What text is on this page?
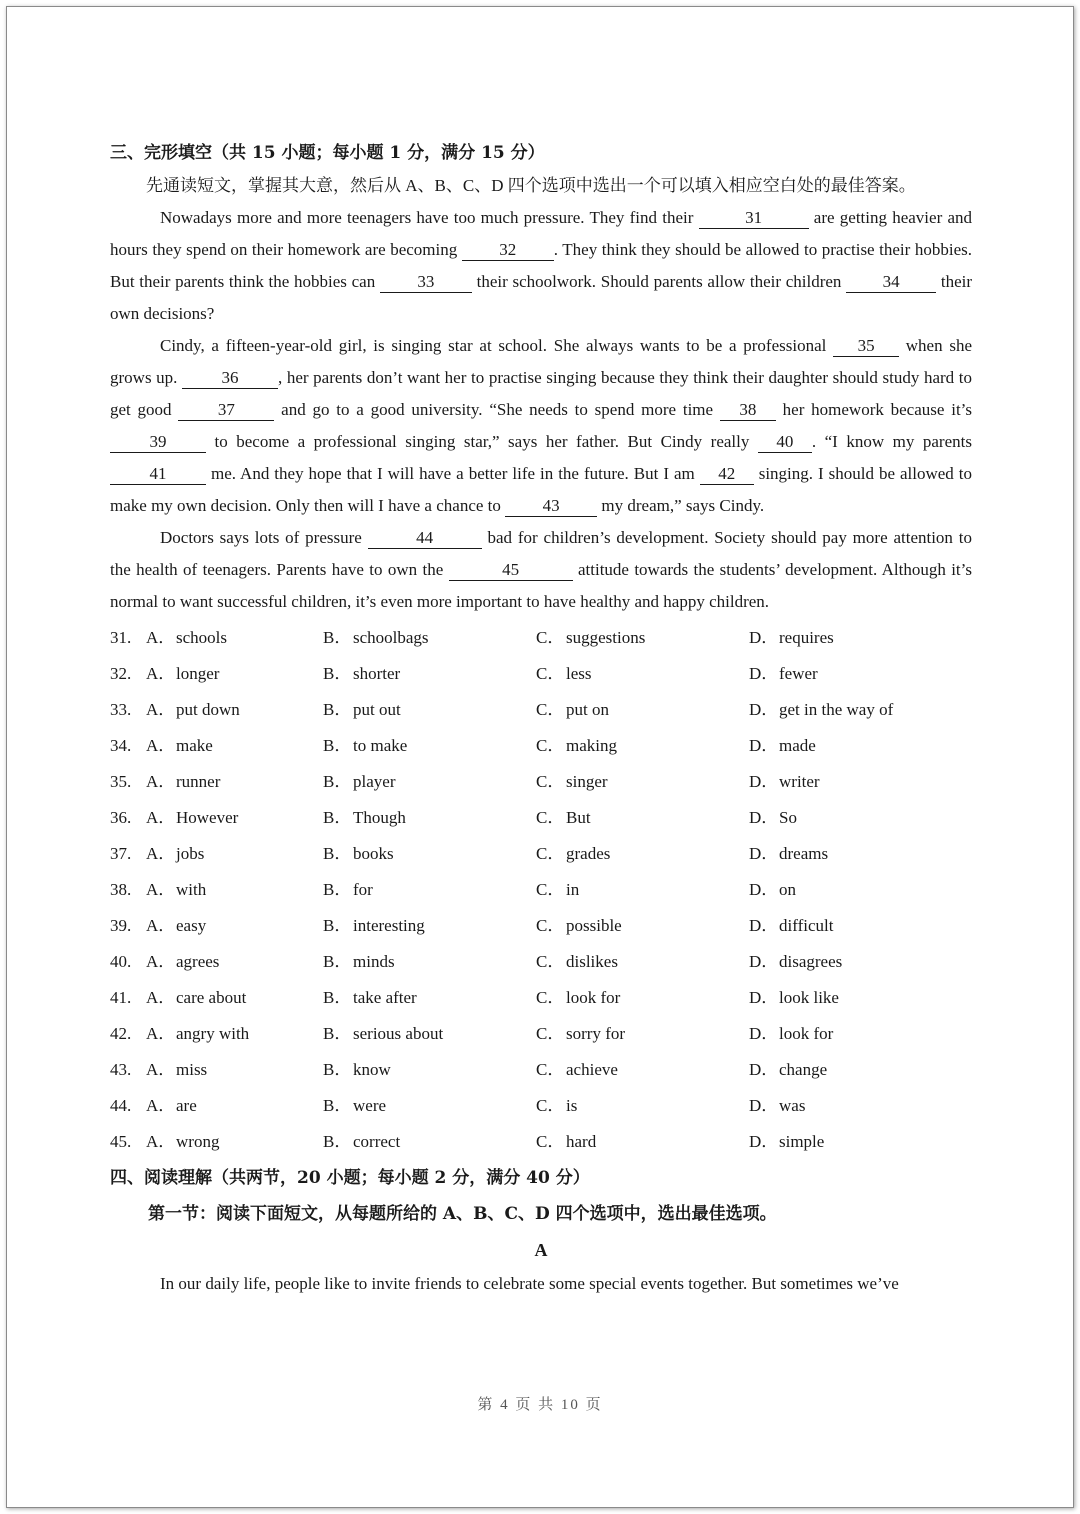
三、完形填空（共 15 小题；每小题 1 分，满分 15 分）

先通读短文，掌握其大意，然后从 A、B、C、D 四个选项中选出一个可以填入相应空白处的最佳答案。

Nowadays more and more teenagers have too much pressure. They find their	31	are getting heavier and hours they spend on their homework are becoming 32 . They think they should be allowed to practise their hobbies. But their parents think the hobbies can 33 their schoolwork. Should parents allow their children 34 their own decisions?

Cindy, a fifteen-year-old girl, is singing star at school. She always wants to be a professional 35 when she grows up. 36 , her parents don’t want her to practise singing because they think their daughter should study hard to get good 37 and go to a good university. “She needs to spend more time 38 her homework because it’s 39 to become a professional singing star,” says her father. But Cindy really 40 . “I know my parents 41 me. And they hope that I will have a better life in the future. But I am 42 singing. I should be allowed to make my own decision. Only then will I have a chance to 43 my dream,” says Cindy.

Doctors says lots of pressure	44	bad for children’s development. Society should pay more attention to the health of teenagers. Parents have to own the	45	attitude towards the students’ development. Although it’s normal to want successful children, it’s even more important to have healthy and happy children.

31. A．schools	B．schoolbags	C．suggestions	D．requires
32. A．longer	B．shorter	C．less	D．fewer
33. A．put down	B．put out	C．put on	D．get in the way of
34. A．make	B．to make	C．making	D．made
35. A．runner	B．player	C．singer	D．writer
36. A．However	B．Though	C．But	D．So
37. A．jobs	B．books	C．grades	D．dreams
38. A．with	B．for	C．in	D．on
39. A．easy	B．interesting	C．possible	D．difficult
40. A．agrees	B．minds	C．dislikes	D．disagrees
41. A．care about	B．take after	C．look for	D．look like
42. A．angry with	B．serious about	C．sorry for	D．look for
43. A．miss	B．know	C．achieve	D．change
44. A．are	B．were	C．is	D．was
45. A．wrong	B．correct	C．hard	D．simple

四、阅读理解（共两节，20 小题；每小题 2 分，满分 40 分）

第一节：阅读下面短文，从每题所给的 A、B、C、D 四个选项中，选出最佳选项。

A

In our daily life, people like to invite friends to celebrate some special events together. But sometimes we’ve

第 4 页 共 10 页
